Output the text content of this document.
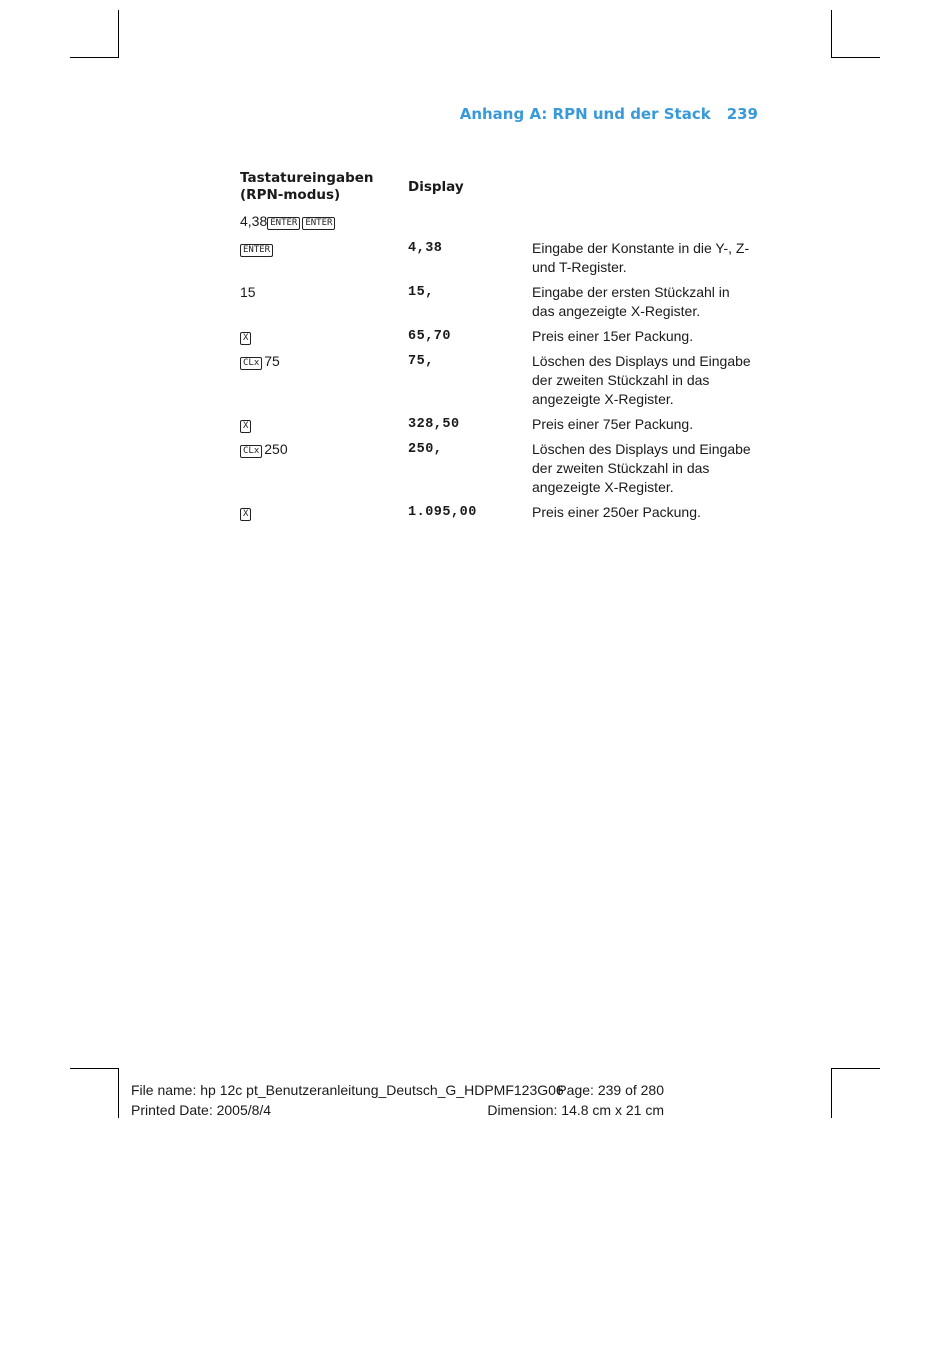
Anhang A: RPN und der Stack 239
Tastatureingaben
(RPN-modus)	Display
4,38 ENTER ENTER
ENTER	4,38	Eingabe der Konstante in die Y-, Z- und T-Register.
15	15,	Eingabe der ersten Stückzahl in das angezeigte X-Register.
X	65,70	Preis einer 15er Packung.
CLx 75	75,	Löschen des Displays und Eingabe der zweiten Stückzahl in das angezeigte X-Register.
X	328,50	Preis einer 75er Packung.
CLx 250	250,	Löschen des Displays und Eingabe der zweiten Stückzahl in das angezeigte X-Register.
X	1.095,00	Preis einer 250er Packung.
File name: hp 12c pt_Benutzeranleitung_Deutsch_G_HDPMF123G06
Page: 239 of 280
Printed Date: 2005/8/4	Dimension: 14.8 cm x 21 cm
